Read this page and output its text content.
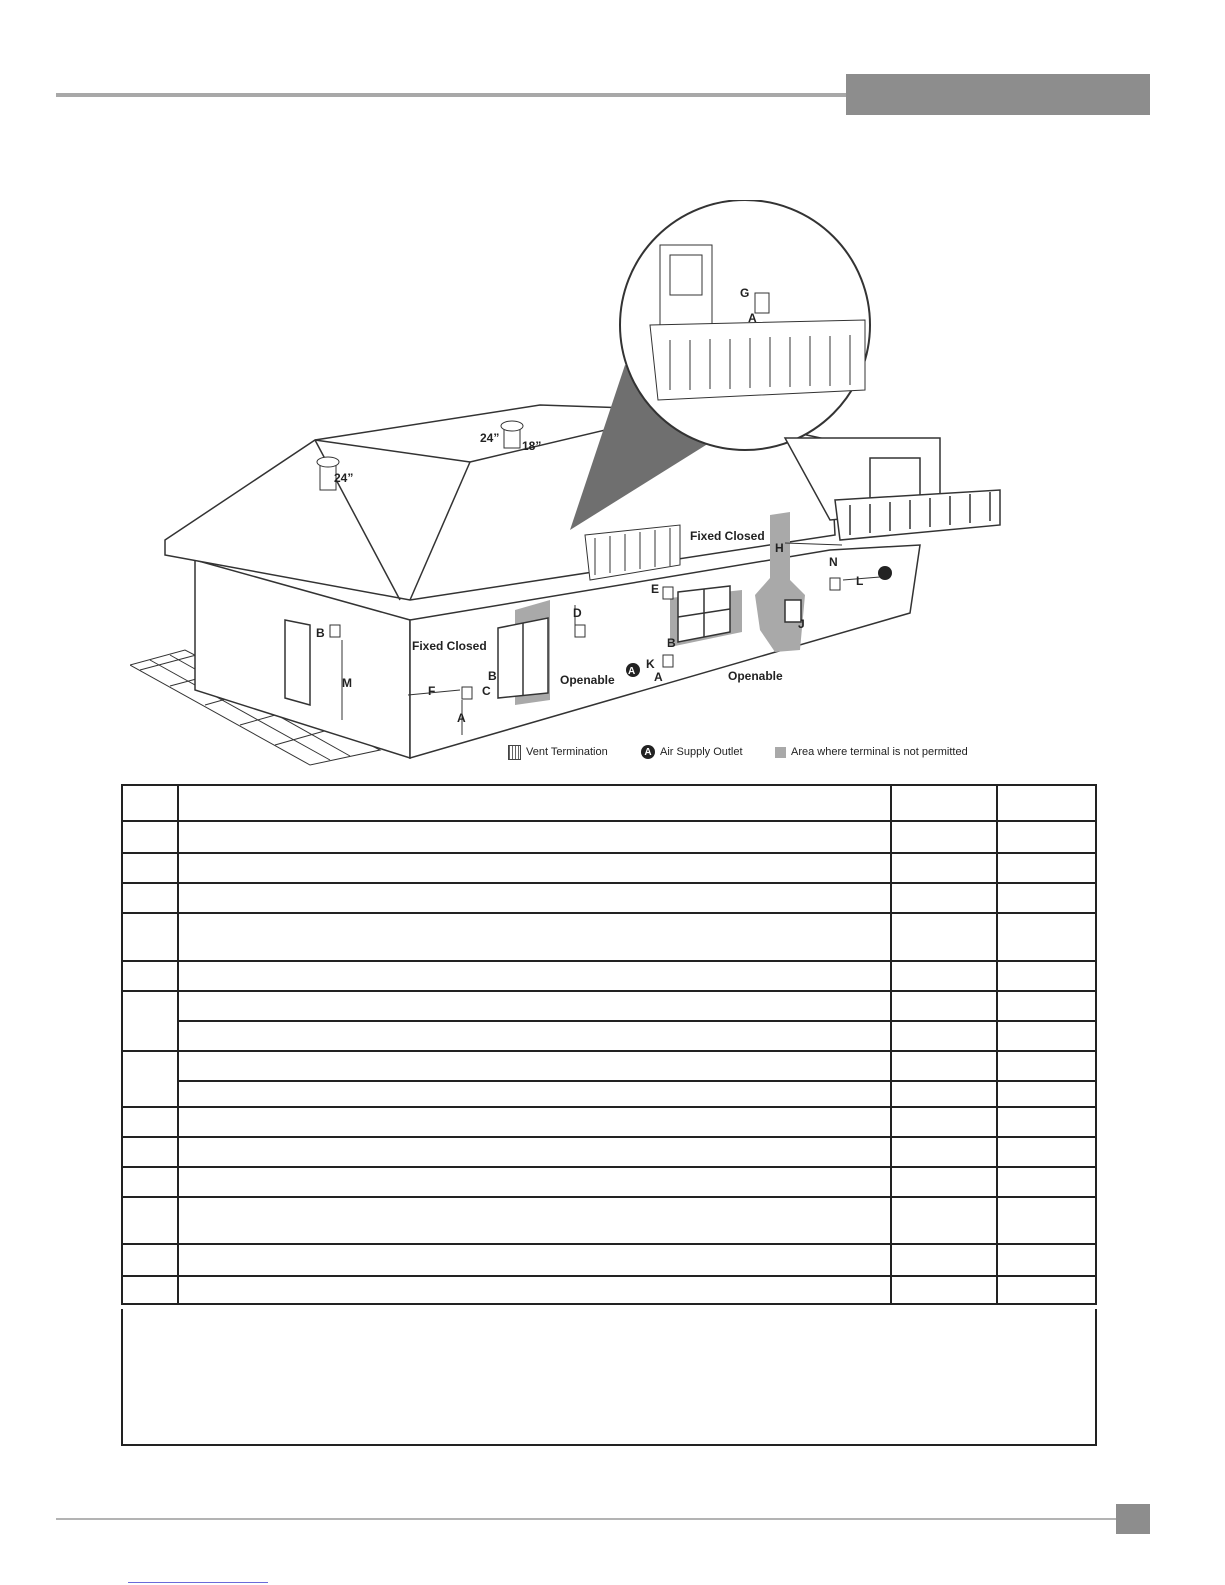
24”
24”
18”
G
A
Fixed Closed
Openable
Fixed Closed
Openable
B
M
F
B
C
A
D
E
B
K
A
H
J
N
L
A
Vent Termination	A Air Supply Outlet	Area where terminal is not permitted
